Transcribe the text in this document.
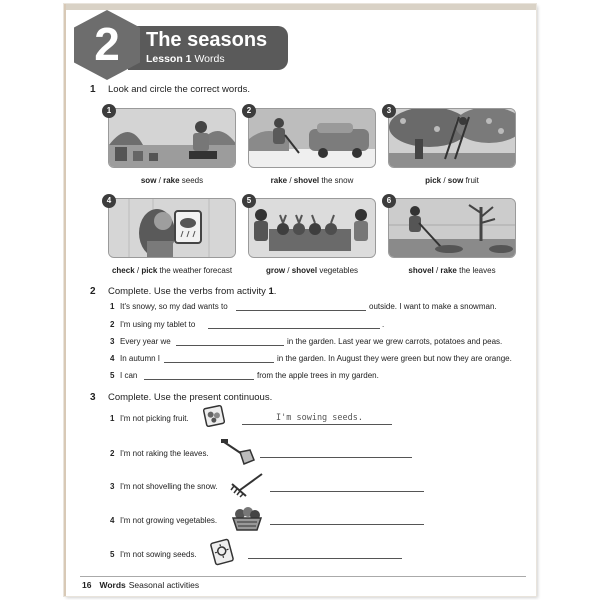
2	The seasons
Lesson 1 Words
1	Look and circle the correct words.
1
sow / rake seeds
2
rake / shovel the snow
3
pick / sow fruit
4
check / pick the weather forecast
5
grow / shovel vegetables
6
shovel / rake the leaves
2	Complete. Use the verbs from activity 1.
1 It's snowy, so my dad wants to	outside. I want to make a snowman.
2 I'm using my tablet to	.
3 Every year we	in the garden. Last year we grew carrots, potatoes and peas.
4 In autumn I	in the garden. In August they were green but now they are orange.
5 I can	from the apple trees in my garden.
3	Complete. Use the present continuous.
1 I'm not picking fruit.	I'm sowing seeds.
2 I'm not raking the leaves.
3 I'm not shovelling the snow.
4 I'm not growing vegetables.
5 I'm not sowing seeds.
16 Words Seasonal activities
